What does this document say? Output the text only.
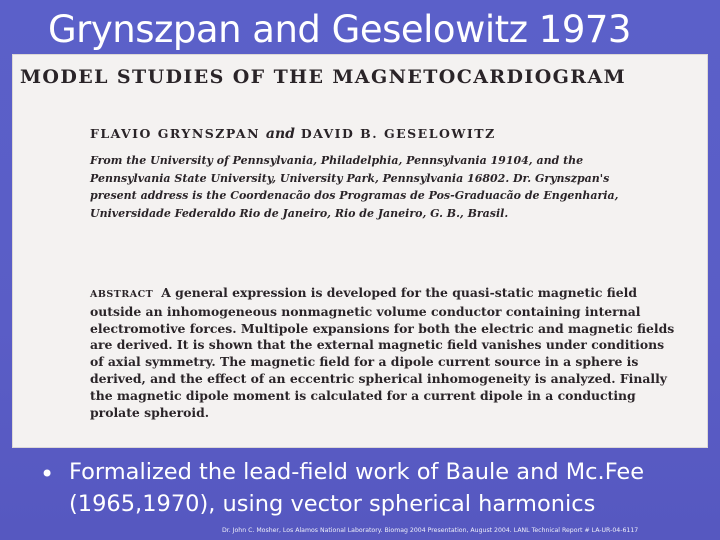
Grynszpan and Geselowitz 1973
MODEL STUDIES OF THE MAGNETOCARDIOGRAM
FLAVIO GRYNSZPAN and DAVID B. GESELOWITZ
From the University of Pennsylvania, Philadelphia, Pennsylvania 19104, and the
Pennsylvania State University, University Park, Pennsylvania 16802. Dr. Grynszpan's
present address is the Coordenacão dos Programas de Pos-Graduacão de Engenharia,
Universidade Federaldo Rio de Janeiro, Rio de Janeiro, G. B., Brasil.
ABSTRACT A general expression is developed for the quasi-static magnetic field
outside an inhomogeneous nonmagnetic volume conductor containing internal
electromotive forces. Multipole expansions for both the electric and magnetic fields
are derived. It is shown that the external magnetic field vanishes under conditions
of axial symmetry. The magnetic field for a dipole current source in a sphere is
derived, and the effect of an eccentric spherical inhomogeneity is analyzed. Finally
the magnetic dipole moment is calculated for a current dipole in a conducting
prolate spheroid.
• Formalized the lead-field work of Baule and Mc.Fee
(1965,1970), using vector spherical harmonics
Dr. John C. Mosher, Los Alamos National Laboratory. Biomag 2004 Presentation, August 2004. LANL Technical Report # LA-UR-04-6117
